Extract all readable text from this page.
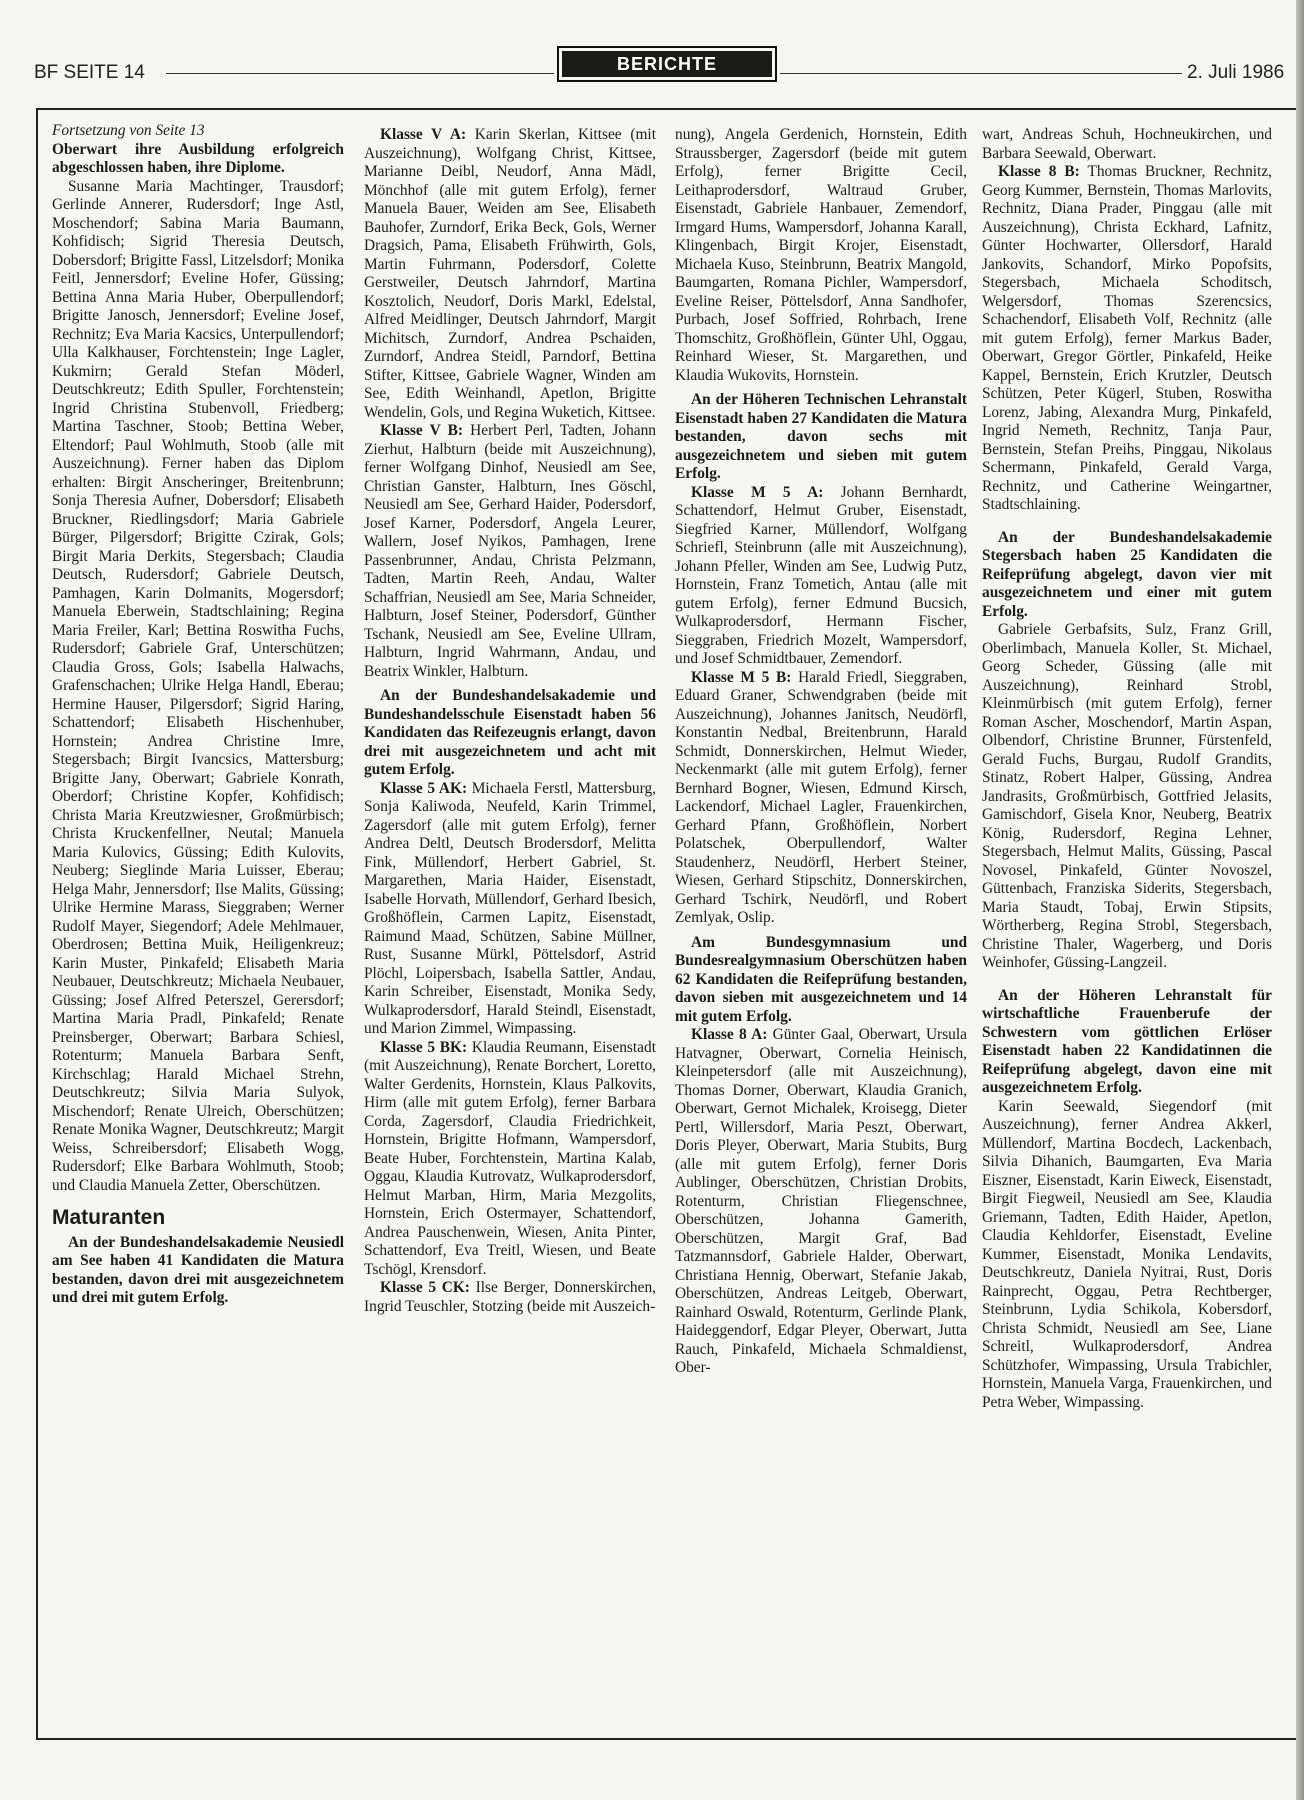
BF SEITE 14	BERICHTE	2. Juli 1986

Fortsetzung von Seite 13

Oberwart ihre Ausbildung erfolgreich abgeschlossen haben, ihre Diplome.

Susanne Maria Machtinger, Trausdorf; Gerlinde Annerer, Rudersdorf; Inge Astl, Moschendorf; Sabina Maria Baumann, Kohfidisch; Sigrid Theresia Deutsch, Dobersdorf; Brigitte Fassl, Litzelsdorf; Monika Feitl, Jennersdorf; Eveline Hofer, Güssing; Bettina Anna Maria Huber, Oberpullendorf; Brigitte Janosch, Jennersdorf; Eveline Josef, Rechnitz; Eva Maria Kacsics, Unterpullendorf; Ulla Kalkhauser, Forchtenstein; Inge Lagler, Kukmirn; Gerald Stefan Möderl, Deutschkreutz; Edith Spuller, Forchtenstein; Ingrid Christina Stubenvoll, Friedberg; Martina Taschner, Stoob; Bettina Weber, Eltendorf; Paul Wohlmuth, Stoob (alle mit Auszeichnung). Ferner haben das Diplom erhalten: Birgit Anscheringer, Breitenbrunn; Sonja Theresia Aufner, Dobersdorf; Elisabeth Bruckner, Riedlingsdorf; Maria Gabriele Bürger, Pilgersdorf; Brigitte Czirak, Gols; Birgit Maria Derkits, Stegersbach; Claudia Deutsch, Rudersdorf; Gabriele Deutsch, Pamhagen, Karin Dolmanits, Mogersdorf; Manuela Eberwein, Stadtschlaining; Regina Maria Freiler, Karl; Bettina Roswitha Fuchs, Rudersdorf; Gabriele Graf, Unterschützen; Claudia Gross, Gols; Isabella Halwachs, Grafenschachen; Ulrike Helga Handl, Eberau; Hermine Hauser, Pilgersdorf; Sigrid Haring, Schattendorf; Elisabeth Hischenhuber, Hornstein; Andrea Christine Imre, Stegersbach; Birgit Ivancsics, Mattersburg; Brigitte Jany, Oberwart; Gabriele Konrath, Oberdorf; Christine Kopfer, Kohfidisch; Christa Maria Kreutzwiesner, Großmürbisch; Christa Kruckenfellner, Neutal; Manuela Maria Kulovics, Güssing; Edith Kulovits, Neuberg; Sieglinde Maria Luisser, Eberau; Helga Mahr, Jennersdorf; Ilse Malits, Güssing; Ulrike Hermine Marass, Sieggraben; Werner Rudolf Mayer, Siegendorf; Adele Mehlmauer, Oberdrosen; Bettina Muik, Heiligenkreuz; Karin Muster, Pinkafeld; Elisabeth Maria Neubauer, Deutschkreutz; Michaela Neubauer, Güssing; Josef Alfred Peterszel, Gerersdorf; Martina Maria Pradl, Pinkafeld; Renate Preinsberger, Oberwart; Barbara Schiesl, Rotenturm; Manuela Barbara Senft, Kirchschlag; Harald Michael Strehn, Deutschkreutz; Silvia Maria Sulyok, Mischendorf; Renate Ulreich, Oberschützen; Renate Monika Wagner, Deutschkreutz; Margit Weiss, Schreibersdorf; Elisabeth Wogg, Rudersdorf; Elke Barbara Wohlmuth, Stoob; und Claudia Manuela Zetter, Oberschützen.

Maturanten

An der Bundeshandelsakademie Neusiedl am See haben 41 Kandidaten die Matura bestanden, davon drei mit ausgezeichnetem und drei mit gutem Erfolg.

Klasse V A: Karin Skerlan, Kittsee (mit Auszeichnung), Wolfgang Christ, Kittsee, Marianne Deibl, Neudorf, Anna Mädl, Mönchhof (alle mit gutem Erfolg), ferner Manuela Bauer, Weiden am See, Elisabeth Bauhofer, Zurndorf, Erika Beck, Gols, Werner Dragsich, Pama, Elisabeth Frühwirth, Gols, Martin Fuhrmann, Podersdorf, Colette Gerstweiler, Deutsch Jahrndorf, Martina Kosztolich, Neudorf, Doris Markl, Edelstal, Alfred Meidlinger, Deutsch Jahrndorf, Margit Michitsch, Zurndorf, Andrea Pschaiden, Zurndorf, Andrea Steidl, Parndorf, Bettina Stifter, Kittsee, Gabriele Wagner, Winden am See, Edith Weinhandl, Apetlon, Brigitte Wendelin, Gols, und Regina Wuketich, Kittsee.

Klasse V B: Herbert Perl, Tadten, Johann Zierhut, Halbturn (beide mit Auszeichnung), ferner Wolfgang Dinhof, Neusiedl am See, Christian Ganster, Halbturn, Ines Göschl, Neusiedl am See, Gerhard Haider, Podersdorf, Josef Karner, Podersdorf, Angela Leurer, Wallern, Josef Nyikos, Pamhagen, Irene Passenbrunner, Andau, Christa Pelzmann, Tadten, Martin Reeh, Andau, Walter Schaffrian, Neusiedl am See, Maria Schneider, Halbturn, Josef Steiner, Podersdorf, Günther Tschank, Neusiedl am See, Eveline Ullram, Halbturn, Ingrid Wahrmann, Andau, und Beatrix Winkler, Halbturn.

An der Bundeshandelsakademie und Bundeshandelsschule Eisenstadt haben 56 Kandidaten das Reifezeugnis erlangt, davon drei mit ausgezeichnetem und acht mit gutem Erfolg.

Klasse 5 AK: Michaela Ferstl, Mattersburg, Sonja Kaliwoda, Neufeld, Karin Trimmel, Zagersdorf (alle mit gutem Erfolg), ferner Andrea Deltl, Deutsch Brodersdorf, Melitta Fink, Müllendorf, Herbert Gabriel, St. Margarethen, Maria Haider, Eisenstadt, Isabelle Horvath, Müllendorf, Gerhard Ibesich, Großhöflein, Carmen Lapitz, Eisenstadt, Raimund Maad, Schützen, Sabine Müllner, Rust, Susanne Mürkl, Pöttelsdorf, Astrid Plöchl, Loipersbach, Isabella Sattler, Andau, Karin Schreiber, Eisenstadt, Monika Sedy, Wulkaprodersdorf, Harald Steindl, Eisenstadt, und Marion Zimmel, Wimpassing.

Klasse 5 BK: Klaudia Reumann, Eisenstadt (mit Auszeichnung), Renate Borchert, Loretto, Walter Gerdenits, Hornstein, Klaus Palkovits, Hirm (alle mit gutem Erfolg), ferner Barbara Corda, Zagersdorf, Claudia Friedrichkeit, Hornstein, Brigitte Hofmann, Wampersdorf, Beate Huber, Forchtenstein, Martina Kalab, Oggau, Klaudia Kutrovatz, Wulkaprodersdorf, Helmut Marban, Hirm, Maria Mezgolits, Hornstein, Erich Ostermayer, Schattendorf, Andrea Pauschenwein, Wiesen, Anita Pinter, Schattendorf, Eva Treitl, Wiesen, und Beate Tschögl, Krensdorf.

Klasse 5 CK: Ilse Berger, Donnerskirchen, Ingrid Teuschler, Stotzing (beide mit Auszeich-

nung), Angela Gerdenich, Hornstein, Edith Straussberger, Zagersdorf (beide mit gutem Erfolg), ferner Brigitte Cecil, Leithaprodersdorf, Waltraud Gruber, Eisenstadt, Gabriele Hanbauer, Zemendorf, Irmgard Hums, Wampersdorf, Johanna Karall, Klingenbach, Birgit Krojer, Eisenstadt, Michaela Kuso, Steinbrunn, Beatrix Mangold, Baumgarten, Romana Pichler, Wampersdorf, Eveline Reiser, Pöttelsdorf, Anna Sandhofer, Purbach, Josef Soffried, Rohrbach, Irene Thomschitz, Großhöflein, Günter Uhl, Oggau, Reinhard Wieser, St. Margarethen, und Klaudia Wukovits, Hornstein.

An der Höheren Technischen Lehranstalt Eisenstadt haben 27 Kandidaten die Matura bestanden, davon sechs mit ausgezeichnetem und sieben mit gutem Erfolg.

Klasse M 5 A: Johann Bernhardt, Schattendorf, Helmut Gruber, Eisenstadt, Siegfried Karner, Müllendorf, Wolfgang Schriefl, Steinbrunn (alle mit Auszeichnung), Johann Pfeller, Winden am See, Ludwig Putz, Hornstein, Franz Tometich, Antau (alle mit gutem Erfolg), ferner Edmund Bucsich, Wulkaprodersdorf, Hermann Fischer, Sieggraben, Friedrich Mozelt, Wampersdorf, und Josef Schmidtbauer, Zemendorf.

Klasse M 5 B: Harald Friedl, Sieggraben, Eduard Graner, Schwendgraben (beide mit Auszeichnung), Johannes Janitsch, Neudörfl, Konstantin Nedbal, Breitenbrunn, Harald Schmidt, Donnerskirchen, Helmut Wieder, Neckenmarkt (alle mit gutem Erfolg), ferner Bernhard Bogner, Wiesen, Edmund Kirsch, Lackendorf, Michael Lagler, Frauenkirchen, Gerhard Pfann, Großhöflein, Norbert Polatschek, Oberpullendorf, Walter Staudenherz, Neudörfl, Herbert Steiner, Wiesen, Gerhard Stipschitz, Donnerskirchen, Gerhard Tschirk, Neudörfl, und Robert Zemlyak, Oslip.

Am Bundesgymnasium und Bundesrealgymnasium Oberschützen haben 62 Kandidaten die Reifeprüfung bestanden, davon sieben mit ausgezeichnetem und 14 mit gutem Erfolg.

Klasse 8 A: Günter Gaal, Oberwart, Ursula Hatvagner, Oberwart, Cornelia Heinisch, Kleinpetersdorf (alle mit Auszeichnung), Thomas Dorner, Oberwart, Klaudia Granich, Oberwart, Gernot Michalek, Kroisegg, Dieter Pertl, Willersdorf, Maria Peszt, Oberwart, Doris Pleyer, Oberwart, Maria Stubits, Burg (alle mit gutem Erfolg), ferner Doris Aublinger, Oberschützen, Christian Drobits, Rotenturm, Christian Fliegenschnee, Oberschützen, Johanna Gamerith, Oberschützen, Margit Graf, Bad Tatzmannsdorf, Gabriele Halder, Oberwart, Christiana Hennig, Oberwart, Stefanie Jakab, Oberschützen, Andreas Leitgeb, Oberwart, Rainhard Oswald, Rotenturm, Gerlinde Plank, Haideggendorf, Edgar Pleyer, Oberwart, Jutta Rauch, Pinkafeld, Michaela Schmaldienst, Ober-

wart, Andreas Schuh, Hochneukirchen, und Barbara Seewald, Oberwart.

Klasse 8 B: Thomas Bruckner, Rechnitz, Georg Kummer, Bernstein, Thomas Marlovits, Rechnitz, Diana Prader, Pinggau (alle mit Auszeichnung), Christa Eckhard, Lafnitz, Günter Hochwarter, Ollersdorf, Harald Jankovits, Schandorf, Mirko Popofsits, Stegersbach, Michaela Schoditsch, Welgersdorf, Thomas Szerencsics, Schachendorf, Elisabeth Volf, Rechnitz (alle mit gutem Erfolg), ferner Markus Bader, Oberwart, Gregor Görtler, Pinkafeld, Heike Kappel, Bernstein, Erich Krutzler, Deutsch Schützen, Peter Kügerl, Stuben, Roswitha Lorenz, Jabing, Alexandra Murg, Pinkafeld, Ingrid Nemeth, Rechnitz, Tanja Paur, Bernstein, Stefan Preihs, Pinggau, Nikolaus Schermann, Pinkafeld, Gerald Varga, Rechnitz, und Catherine Weingartner, Stadtschlaining.

An der Bundeshandelsakademie Stegersbach haben 25 Kandidaten die Reifeprüfung abgelegt, davon vier mit ausgezeichnetem und einer mit gutem Erfolg.

Gabriele Gerbafsits, Sulz, Franz Grill, Oberlimbach, Manuela Koller, St. Michael, Georg Scheder, Güssing (alle mit Auszeichnung), Reinhard Strobl, Kleinmürbisch (mit gutem Erfolg), ferner Roman Ascher, Moschendorf, Martin Aspan, Olbendorf, Christine Brunner, Fürstenfeld, Gerald Fuchs, Burgau, Rudolf Grandits, Stinatz, Robert Halper, Güssing, Andrea Jandrasits, Großmürbisch, Gottfried Jelasits, Gamischdorf, Gisela Knor, Neuberg, Beatrix König, Rudersdorf, Regina Lehner, Stegersbach, Helmut Malits, Güssing, Pascal Novosel, Pinkafeld, Günter Novoszel, Güttenbach, Franziska Siderits, Stegersbach, Maria Staudt, Tobaj, Erwin Stipsits, Wörtherberg, Regina Strobl, Stegersbach, Christine Thaler, Wagerberg, und Doris Weinhofer, Güssing-Langzeil.

An der Höheren Lehranstalt für wirtschaftliche Frauenberufe der Schwestern vom göttlichen Erlöser Eisenstadt haben 22 Kandidatinnen die Reifeprüfung abgelegt, davon eine mit ausgezeichnetem Erfolg.

Karin Seewald, Siegendorf (mit Auszeichnung), ferner Andrea Akkerl, Müllendorf, Martina Bocdech, Lackenbach, Silvia Dihanich, Baumgarten, Eva Maria Eiszner, Eisenstadt, Karin Eiweck, Eisenstadt, Birgit Fiegweil, Neusiedl am See, Klaudia Griemann, Tadten, Edith Haider, Apetlon, Claudia Kehldorfer, Eisenstadt, Eveline Kummer, Eisenstadt, Monika Lendavits, Deutschkreutz, Daniela Nyitrai, Rust, Doris Rainprecht, Oggau, Petra Rechtberger, Steinbrunn, Lydia Schikola, Kobersdorf, Christa Schmidt, Neusiedl am See, Liane Schreitl, Wulkaprodersdorf, Andrea Schützhofer, Wimpassing, Ursula Trabichler, Hornstein, Manuela Varga, Frauenkirchen, und Petra Weber, Wimpassing.
